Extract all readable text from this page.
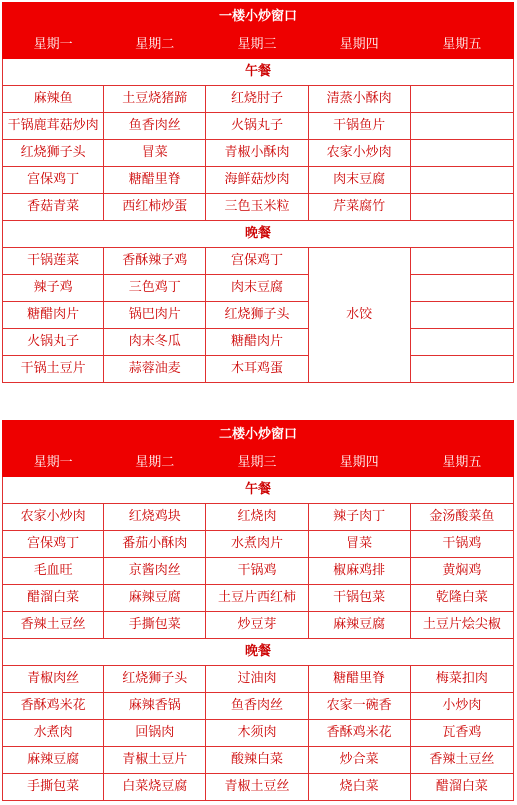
一楼小炒窗口				
星期一	星期二	星期三	星期四	星期五
午餐				
麻辣鱼	土豆烧猪蹄	红烧肘子	清蒸小酥肉	
干锅鹿茸菇炒肉	鱼香肉丝	火锅丸子	干锅鱼片	
红烧狮子头	冒菜	青椒小酥肉	农家小炒肉	
宫保鸡丁	糖醋里脊	海鲜菇炒肉	肉末豆腐	
香菇青菜	西红柿炒蛋	三色玉米粒	芹菜腐竹	
晚餐				
干锅莲菜	香酥辣子鸡	宫保鸡丁	水饺	
辣子鸡	三色鸡丁	肉末豆腐		
糖醋肉片	锅巴肉片	红烧狮子头		
火锅丸子	肉末冬瓜	糖醋肉片		
干锅土豆片	蒜蓉油麦	木耳鸡蛋		
二楼小炒窗口				
星期一	星期二	星期三	星期四	星期五
午餐				
农家小炒肉	红烧鸡块	红烧肉	辣子肉丁	金汤酸菜鱼
宫保鸡丁	番茄小酥肉	水煮肉片	冒菜	干锅鸡
毛血旺	京酱肉丝	干锅鸡	椒麻鸡排	黄焖鸡
醋溜白菜	麻辣豆腐	土豆片西红柿	干锅包菜	乾隆白菜
香辣土豆丝	手撕包菜	炒豆芽	麻辣豆腐	土豆片烩尖椒
晚餐				
青椒肉丝	红烧狮子头	过油肉	糖醋里脊	梅菜扣肉
香酥鸡米花	麻辣香锅	鱼香肉丝	农家一碗香	小炒肉
水煮肉	回锅肉	木须肉	香酥鸡米花	瓦香鸡
麻辣豆腐	青椒土豆片	酸辣白菜	炒合菜	香辣土豆丝
手撕包菜	白菜烧豆腐	青椒土豆丝	烧白菜	醋溜白菜
